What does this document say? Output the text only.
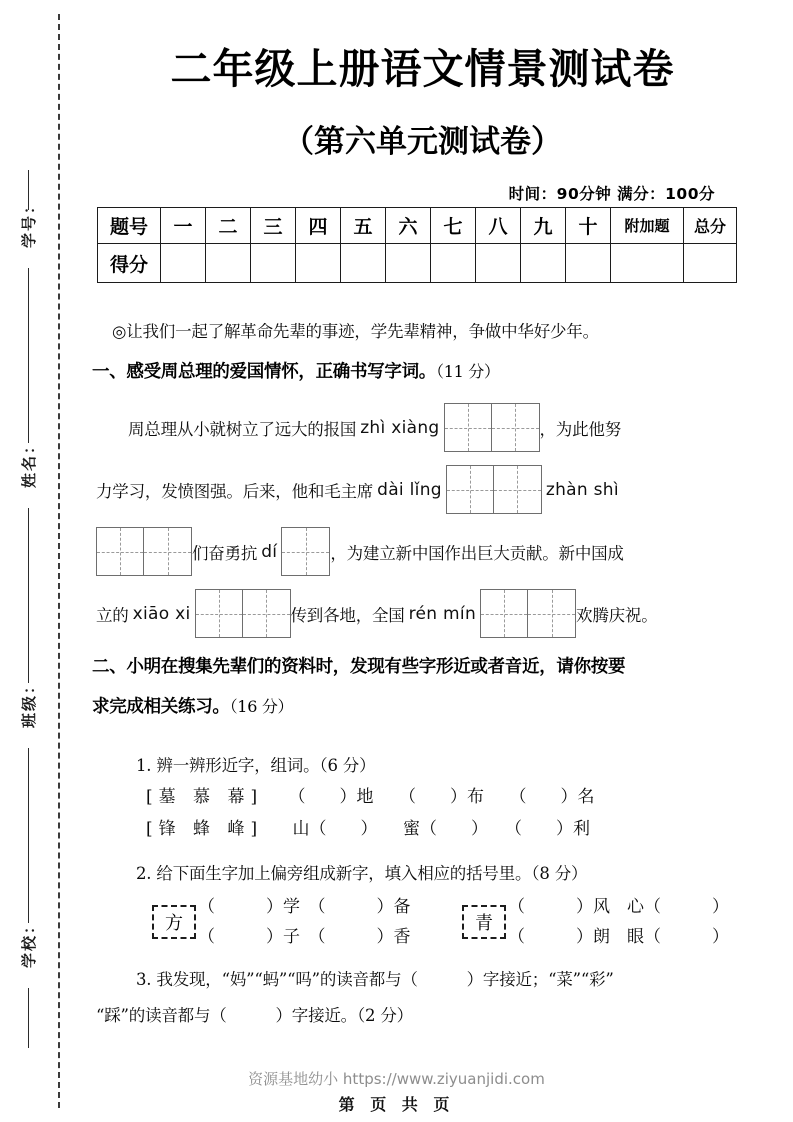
学号：
姓名：
班级：
学校：
二年级上册语文情景测试卷
（第六单元测试卷）
时间：90分钟 满分：100分
题号	一	二	三	四	五	六	七	八	九	十	附加题	总分
得分												
◎让我们一起了解革命先辈的事迹，学先辈精神，争做中华好少年。
一、感受周总理的爱国情怀，正确书写字词。（11 分）
周总理从小就树立了远大的报国 zhì xiàng	，为此他努
力学习，发愤图强。后来，他和毛主席 dài lǐng	zhàn shì
们奋勇抗 dí	，为建立新中国作出巨大贡献。新中国成
立的 xiāo xi	传到各地，全国 rén mín	欢腾庆祝。
二、小明在搜集先辈们的资料时，发现有些字形近或者音近，请你按要
求完成相关练习。（16 分）
1. 辨一辨形近字，组词。（6 分）
[墓 慕 幕] （　　）地　　（　　）布　　（　　）名
[锋 蜂 峰] 山（　　）　　蜜（　　）　　（　　）利
2. 给下面生字加上偏旁组成新字，填入相应的括号里。（8 分）
方
（　　　）学　（　　　）备
（　　　）子　（　　　）香
青
（　　　）风　心（　　　）
（　　　）朗　眼（　　　）
3. 我发现，“妈”“蚂”“吗”的读音都与（　　　）字接近；“菜”“彩”
“踩”的读音都与（　　　）字接近。（2 分）
资源基地幼小 https://www.ziyuanjidi.com
第 页 共 页
